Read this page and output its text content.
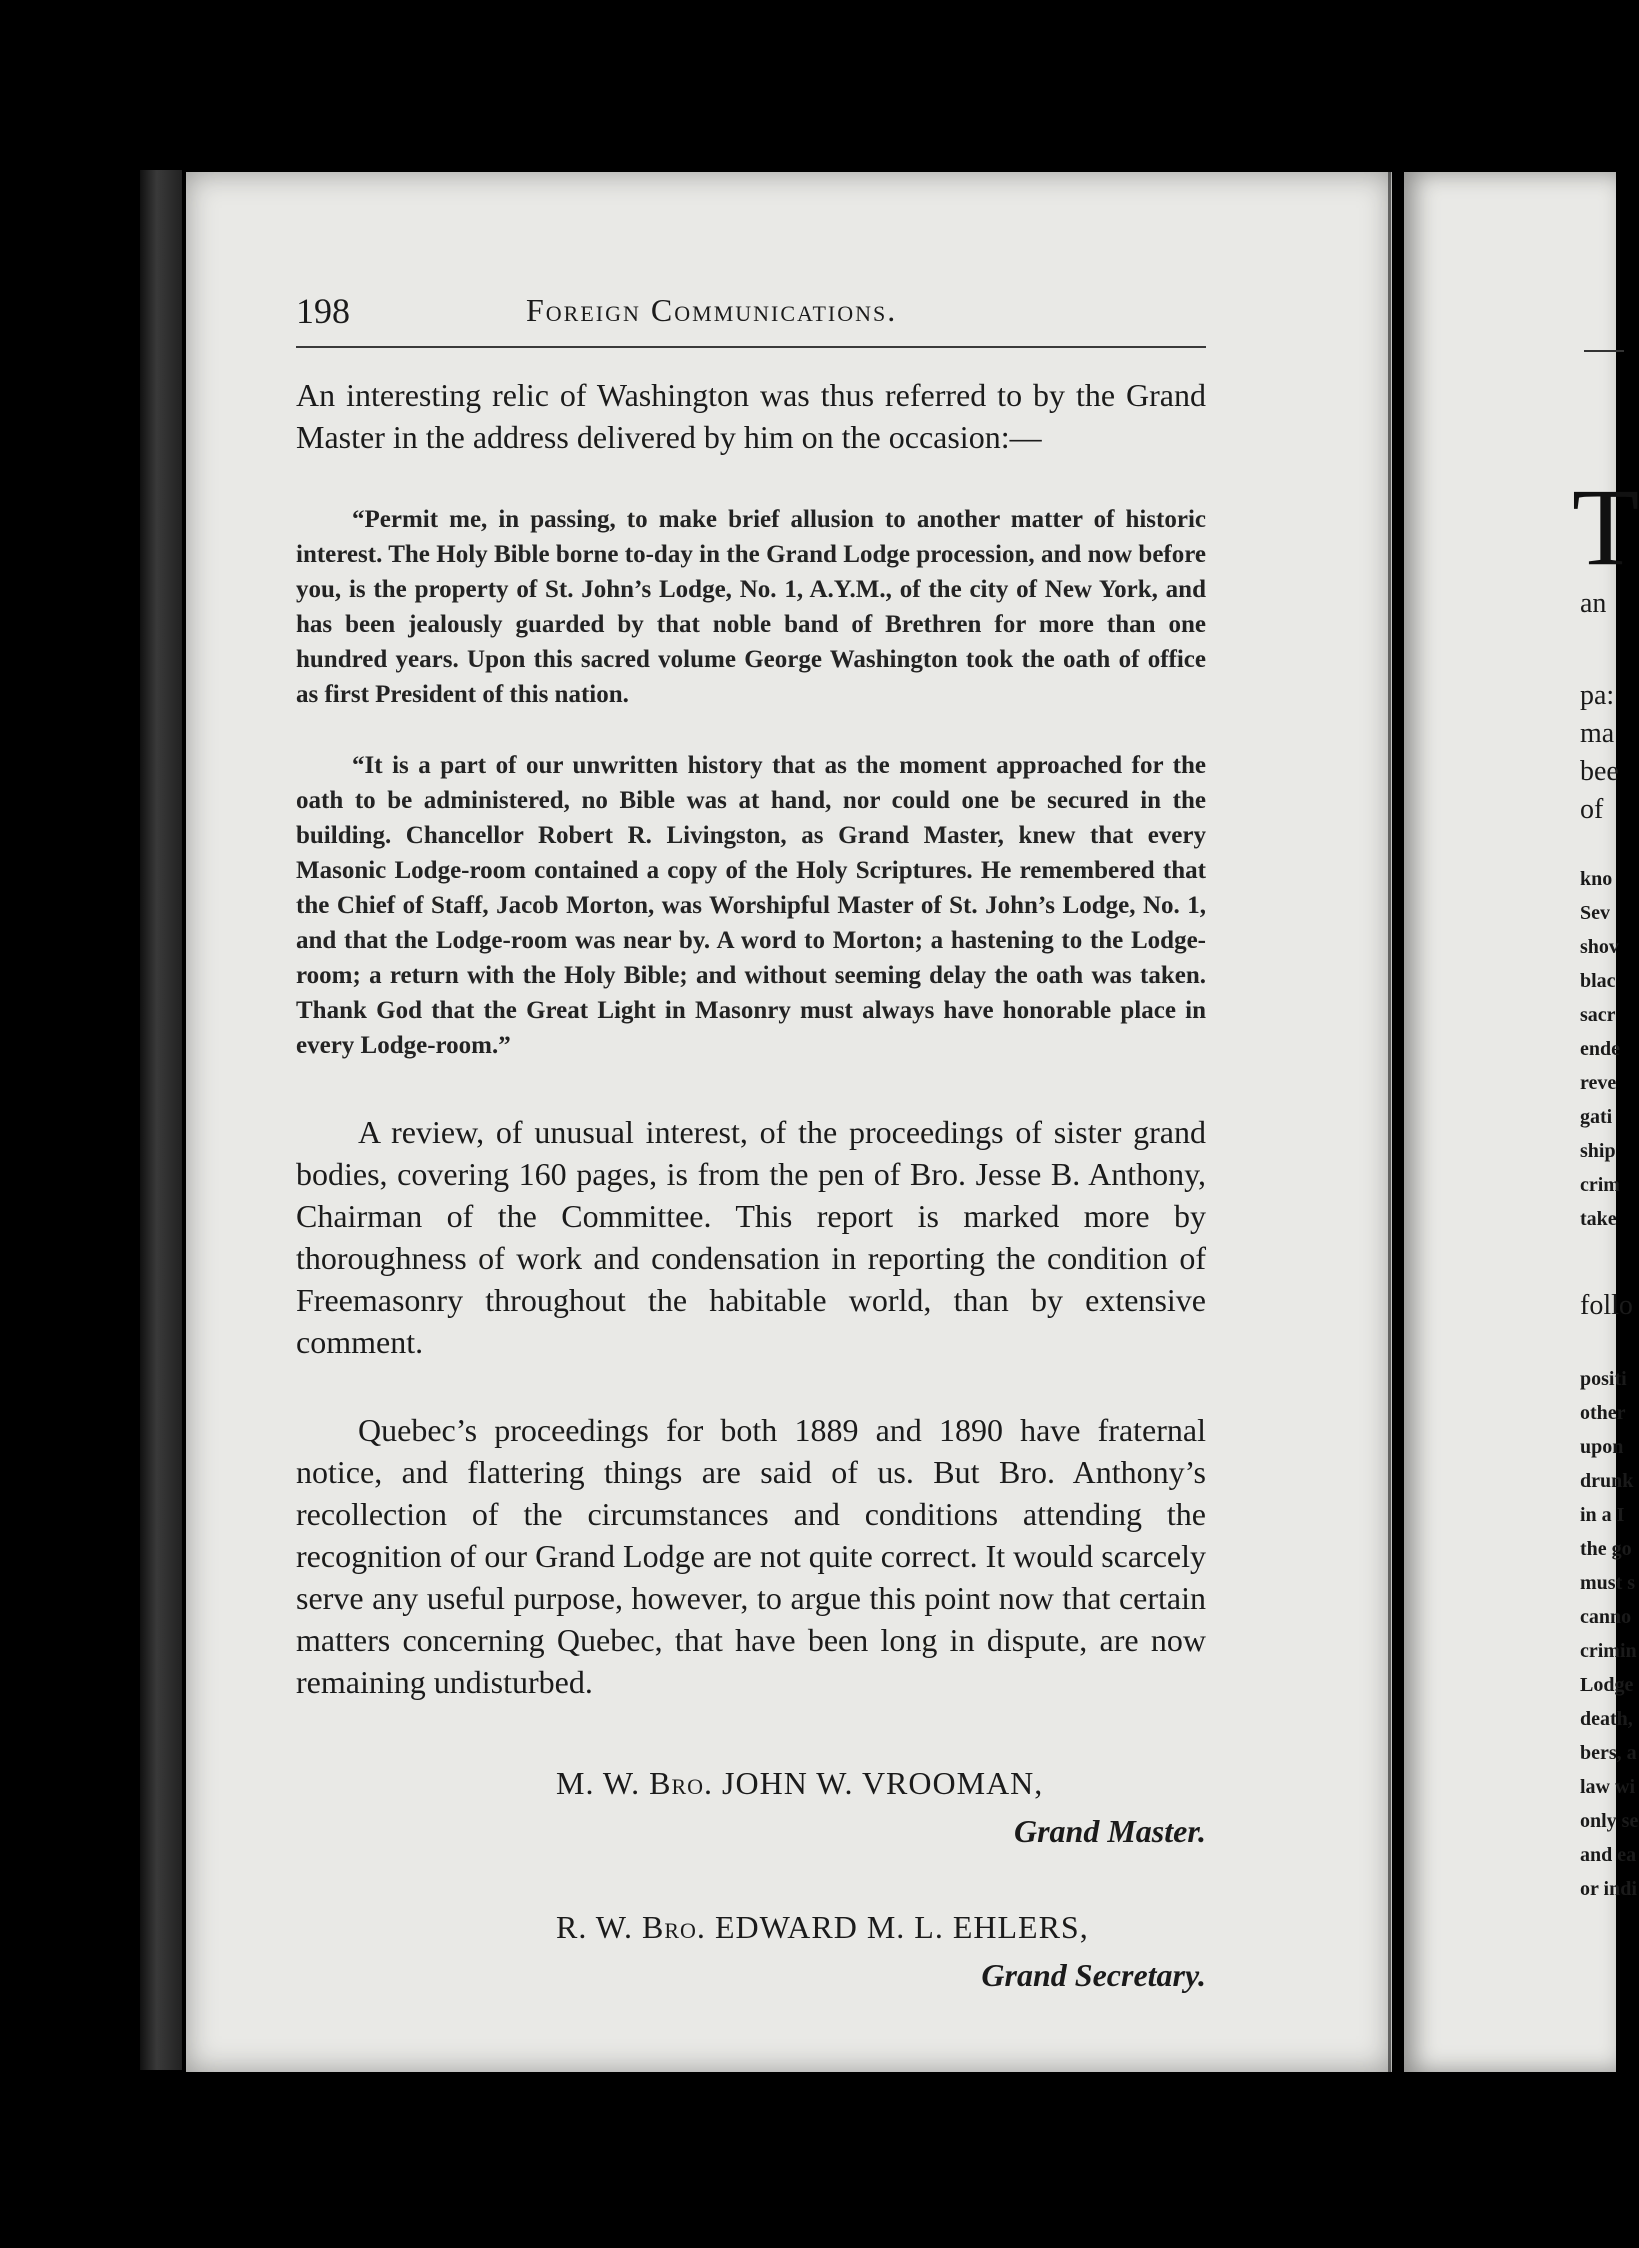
198	Foreign Communications.

An interesting relic of Washington was thus referred to by the Grand Master in the address delivered by him on the occasion:—

“Permit me, in passing, to make brief allusion to another matter of historic interest. The Holy Bible borne to-day in the Grand Lodge procession, and now before you, is the property of St. John’s Lodge, No. 1, A.Y.M., of the city of New York, and has been jealously guarded by that noble band of Brethren for more than one hundred years. Upon this sacred volume George Washington took the oath of office as first President of this nation.

“It is a part of our unwritten history that as the moment approached for the oath to be administered, no Bible was at hand, nor could one be secured in the building. Chancellor Robert R. Livingston, as Grand Master, knew that every Masonic Lodge-room contained a copy of the Holy Scriptures. He remembered that the Chief of Staff, Jacob Morton, was Worshipful Master of St. John’s Lodge, No. 1, and that the Lodge-room was near by. A word to Morton; a hastening to the Lodge-room; a return with the Holy Bible; and without seeming delay the oath was taken. Thank God that the Great Light in Masonry must always have honorable place in every Lodge-room.”

A review, of unusual interest, of the proceedings of sister grand bodies, covering 160 pages, is from the pen of Bro. Jesse B. Anthony, Chairman of the Committee. This report is marked more by thoroughness of work and condensation in reporting the condition of Freemasonry throughout the habitable world, than by extensive comment.

Quebec’s proceedings for both 1889 and 1890 have fraternal notice, and flattering things are said of us. But Bro. Anthony’s recollection of the circumstances and conditions attending the recognition of our Grand Lodge are not quite correct. It would scarcely serve any useful purpose, however, to argue this point now that certain matters concerning Quebec, that have been long in dispute, are now remaining undisturbed.

M. W. Bro. JOHN W. VROOMAN,
Grand Master.
R. W. Bro. EDWARD M. L. EHLERS,
Grand Secretary.
T
an
pa:
ma
bee
of
kno
Sev
shov
blac
sacr
ende
reve
gati
ship
crim
take
follo
positi
other
upon
drunk
in a I
the go
must s
canno
crimin
Lodge
death,
bers, a
law wi
only se
and ea
or indi
